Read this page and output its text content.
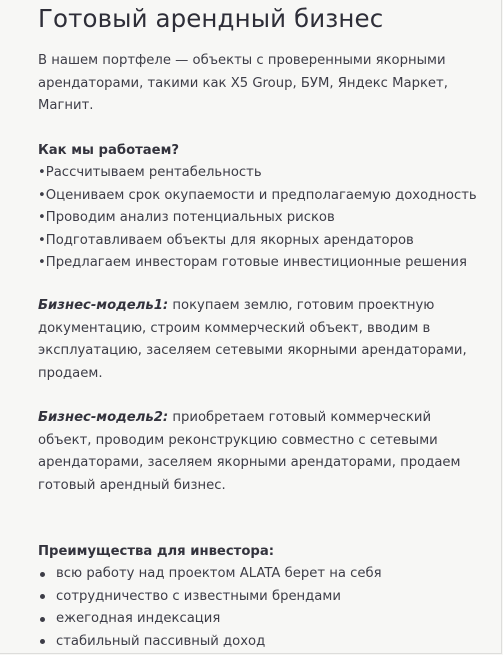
Готовый арендный бизнес

В нашем портфеле — объекты с проверенными якорными арендаторами, такими как Х5 Group, БУМ, Яндекс Маркет, Магнит.

Как мы работаем?
•Рассчитываем рентабельность
•Оцениваем срок окупаемости и предполагаемую доходность
•Проводим анализ потенциальных рисков
•Подготавливаем объекты для якорных арендаторов
•Предлагаем инвесторам готовые инвестиционные решения

Бизнес-модель1: покупаем землю, готовим проектную документацию, строим коммерческий объект, вводим в эксплуатацию, заселяем сетевыми якорными арендаторами, продаем.

Бизнес-модель2: приобретаем готовый коммерческий объект, проводим реконструкцию совместно с сетевыми арендаторами, заселяем якорными арендаторами, продаем готовый арендный бизнес.

Преимущества для инвестора:
всю работу над проектом ALATA берет на себя
сотрудничество с известными брендами
ежегодная индексация
стабильный пассивный доход
